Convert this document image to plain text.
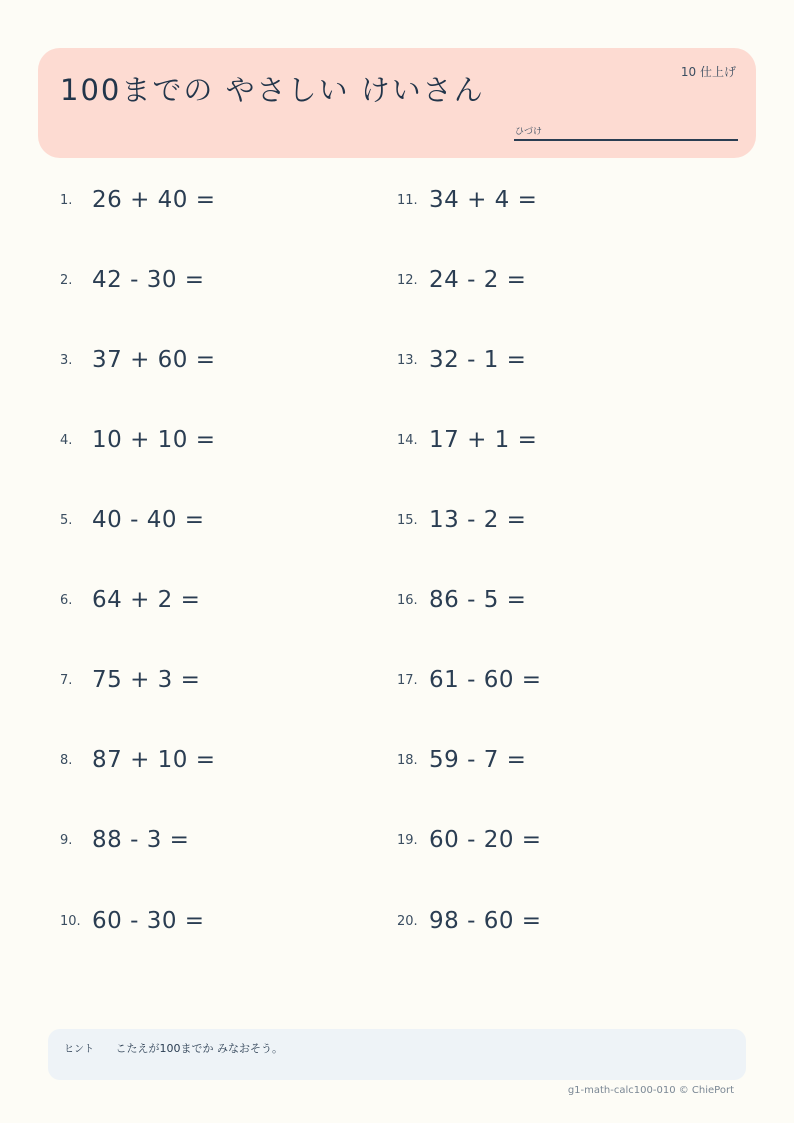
100までの やさしい けいさん
10 仕上げ
ひづけ
1. 26 + 40 =
2. 42 - 30 =
3. 37 + 60 =
4. 10 + 10 =
5. 40 - 40 =
6. 64 + 2 =
7. 75 + 3 =
8. 87 + 10 =
9. 88 - 3 =
10. 60 - 30 =
11. 34 + 4 =
12. 24 - 2 =
13. 32 - 1 =
14. 17 + 1 =
15. 13 - 2 =
16. 86 - 5 =
17. 61 - 60 =
18. 59 - 7 =
19. 60 - 20 =
20. 98 - 60 =
ヒント こたえが100までか みなおそう。
g1-math-calc100-010 © ChiePort
